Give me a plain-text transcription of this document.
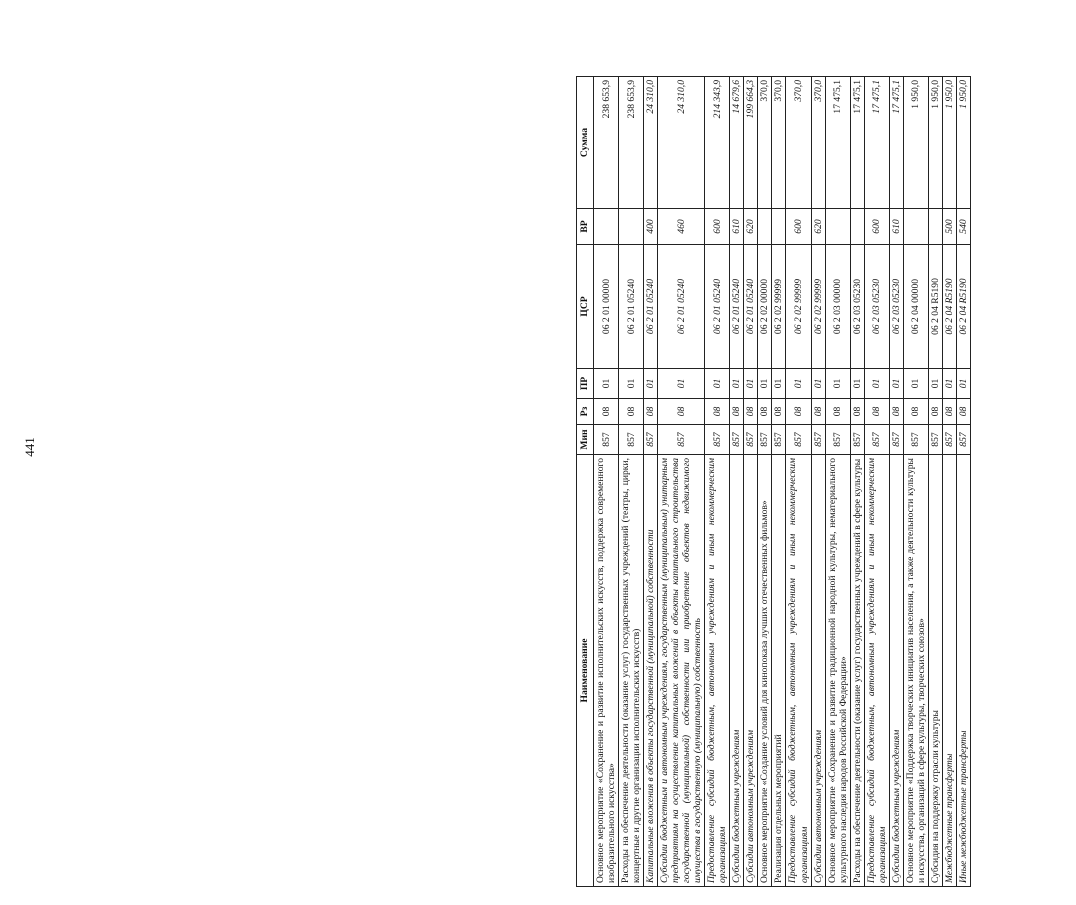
441
Наименование	Мин	Рз	ПР	ЦСР	ВР	Сумма
Основное мероприятие «Сохранение и развитие исполнительских искусств, поддержка современного изобразительного искусства»	857	08	01	06 2 01 00000		238 653,9
Расходы на обеспечение деятельности (оказание услуг) государственных учреждений (театры, цирки, концертные и другие организации исполнительских искусств)	857	08	01	06 2 01 05240		238 653,9
Капитальные вложения в объекты государственной (муниципальной) собственности	857	08	01	06 2 01 05240	400	24 310,0
Субсидии бюджетным и автономным учреждениям, государственным (муниципальным) унитарным предприятиям на осуществление капитальных вложений в объекты капитального строительства государственной (муниципальной) собственности или приобретение объектов недвижимого имущества в государственную (муниципальную) собственность	857	08	01	06 2 01 05240	460	24 310,0
Предоставление субсидий бюджетным, автономным учреждениям и иным некоммерческим организациям	857	08	01	06 2 01 05240	600	214 343,9
Субсидии бюджетным учреждениям	857	08	01	06 2 01 05240	610	14 679,6
Субсидии автономным учреждениям	857	08	01	06 2 01 05240	620	199 664,3
Основное мероприятие «Создание условий для кинопоказа лучших отечественных фильмов»	857	08	01	06 2 02 00000		370,0
Реализация отдельных мероприятий	857	08	01	06 2 02 99999		370,0
Предоставление субсидий бюджетным, автономным учреждениям и иным некоммерческим организациям	857	08	01	06 2 02 99999	600	370,0
Субсидии автономным учреждениям	857	08	01	06 2 02 99999	620	370,0
Основное мероприятие «Сохранение и развитие традиционной народной культуры, нематериального культурного наследия народов Российской Федерации»	857	08	01	06 2 03 00000		17 475,1
Расходы на обеспечение деятельности (оказание услуг) государственных учреждений в сфере культуры	857	08	01	06 2 03 05230		17 475,1
Предоставление субсидий бюджетным, автономным учреждениям и иным некоммерческим организациям	857	08	01	06 2 03 05230	600	17 475,1
Субсидии бюджетным учреждениям	857	08	01	06 2 03 05230	610	17 475,1
Основное мероприятие «Поддержка творческих инициатив населения, а также деятельности культуры и искусства, организаций в сфере культуры, творческих союзов»	857	08	01	06 2 04 00000		1 950,0
Субсидия на поддержку отрасли культуры	857	08	01	06 2 04 R5190		1 950,0
Межбюджетные трансферты	857	08	01	06 2 04 R5190	500	1 950,0
Иные межбюджетные трансферты	857	08	01	06 2 04 R5190	540	1 950,0
